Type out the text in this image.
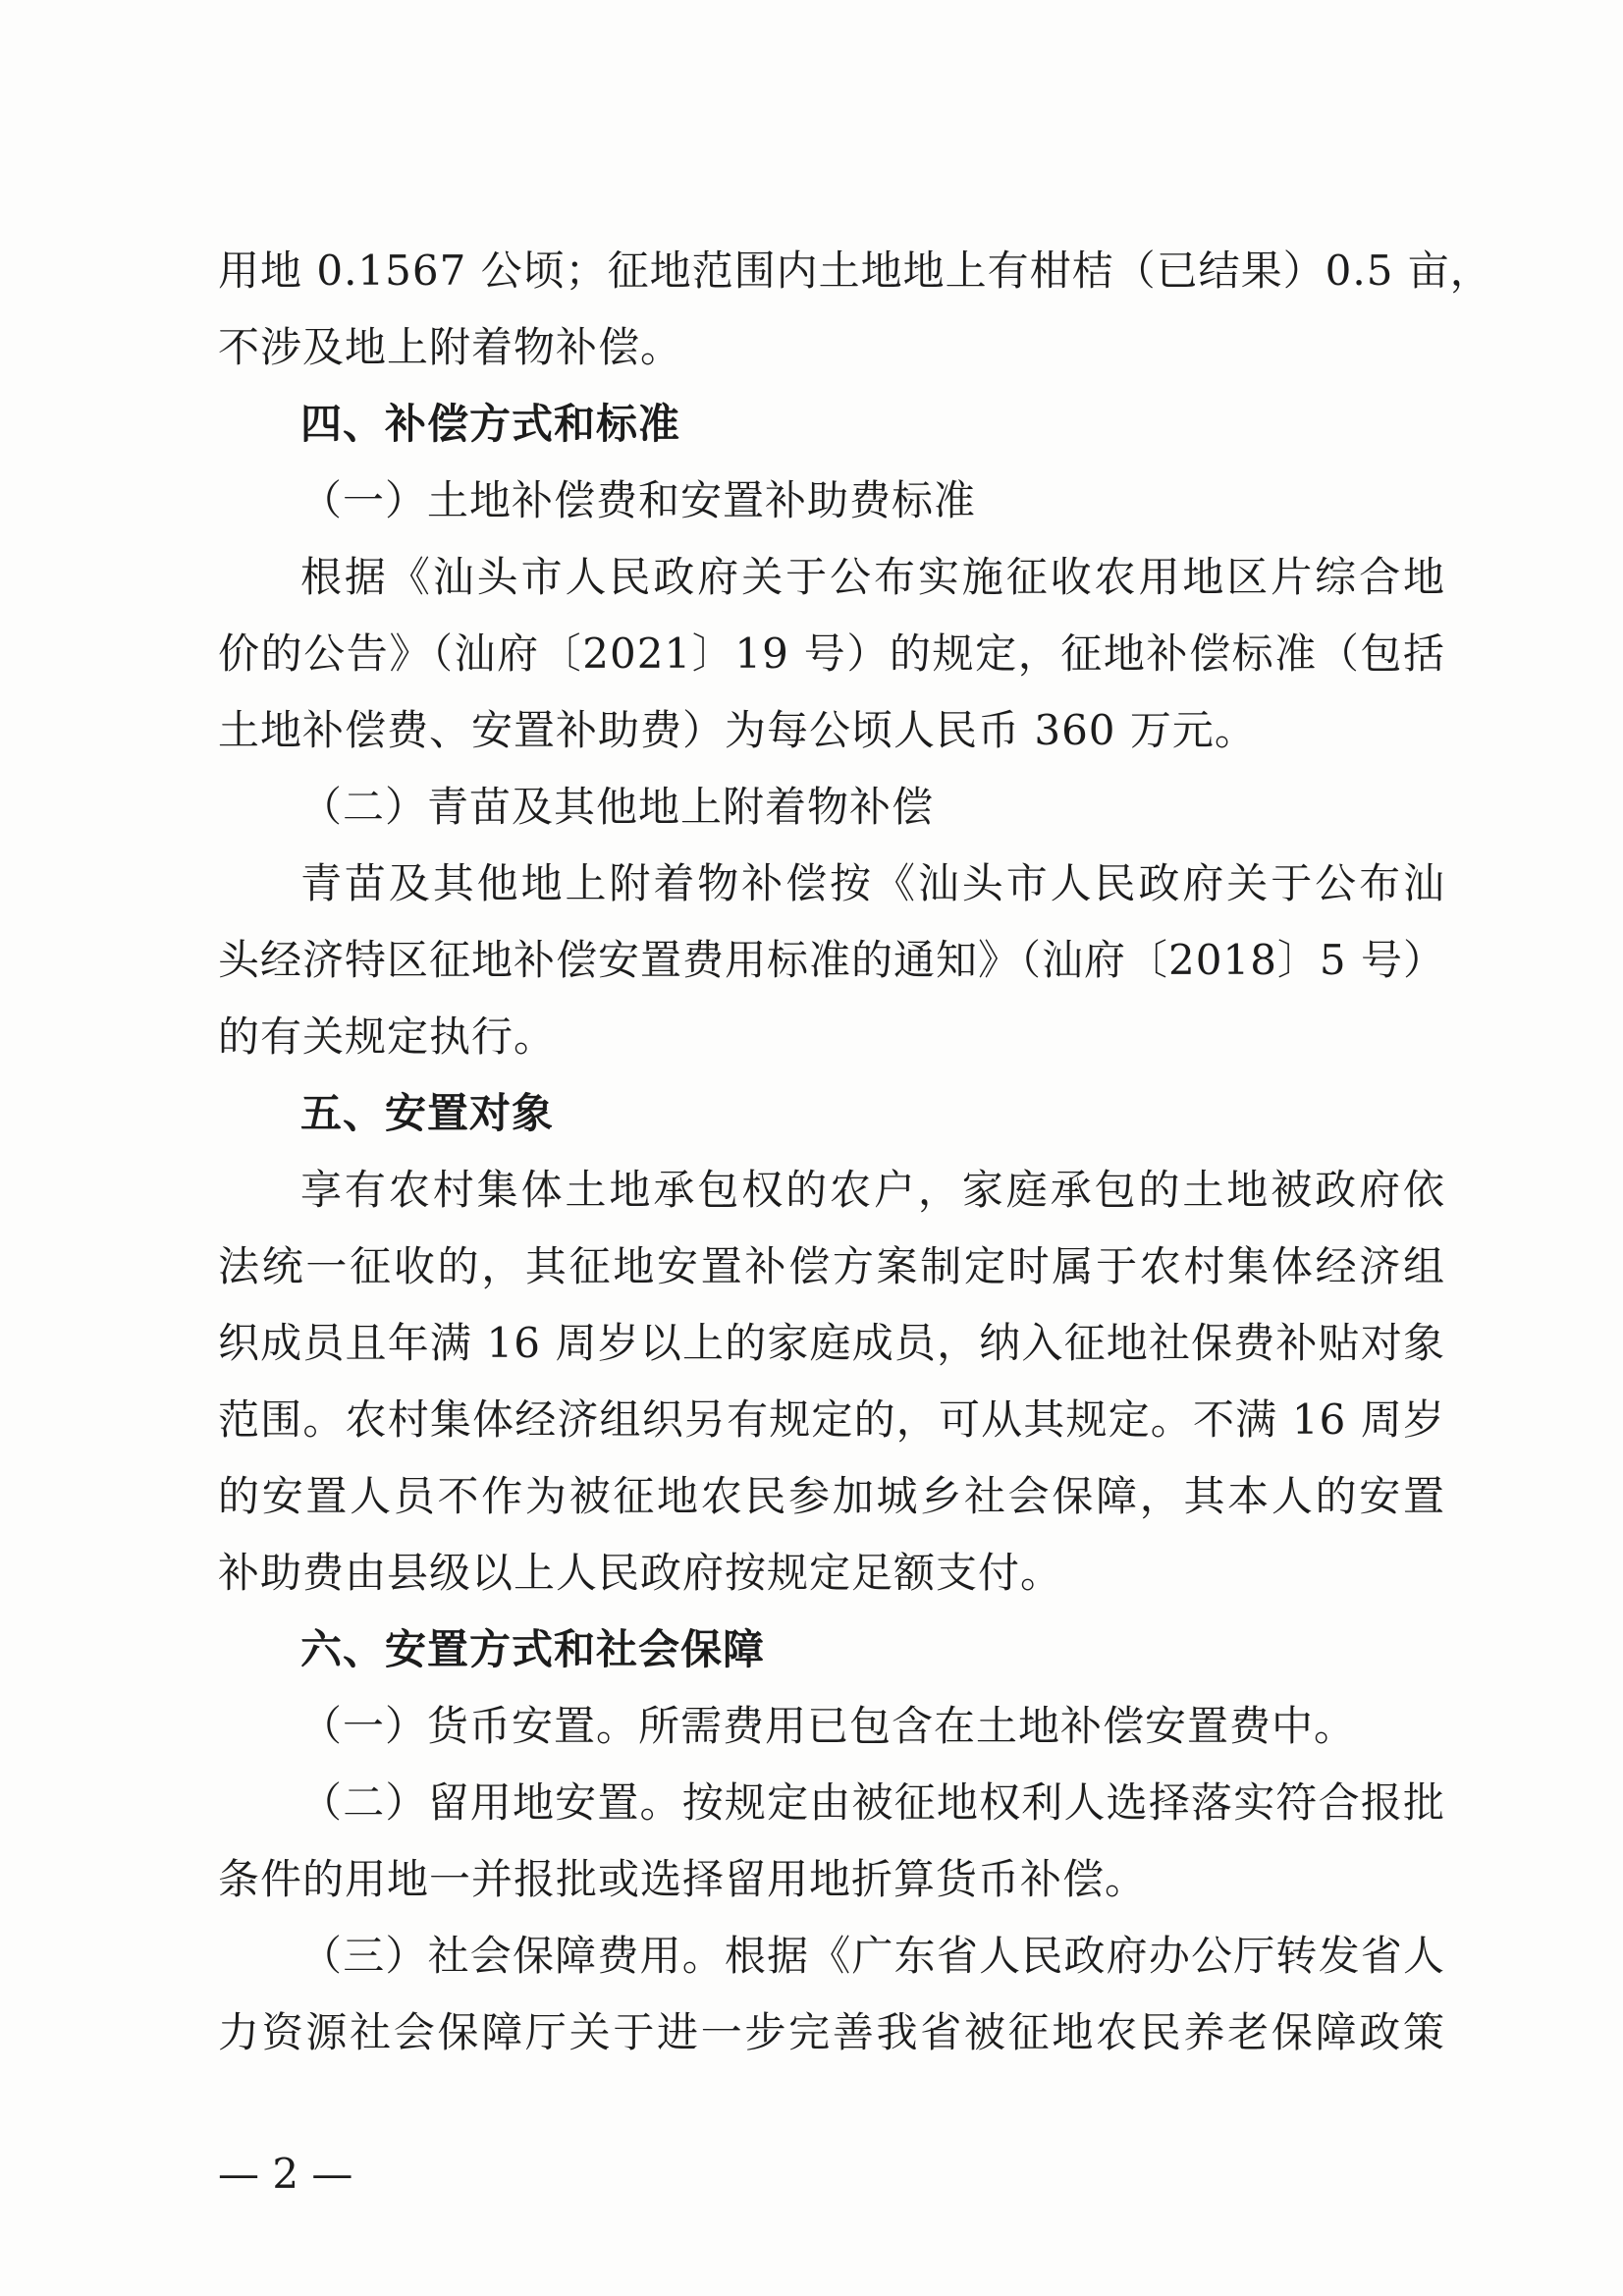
用地 0.1567 公顷；征地范围内土地地上有柑桔（已结果）0.5 亩，
不涉及地上附着物补偿。
四、补偿方式和标准
（一）土地补偿费和安置补助费标准
根据《汕头市人民政府关于公布实施征收农用地区片综合地
价的公告》（汕府〔2021〕19 号）的规定，征地补偿标准（包括
土地补偿费、安置补助费）为每公顷人民币 360 万元。
（二）青苗及其他地上附着物补偿
青苗及其他地上附着物补偿按《汕头市人民政府关于公布汕
头经济特区征地补偿安置费用标准的通知》（汕府〔2018〕5 号）
的有关规定执行。
五、安置对象
享有农村集体土地承包权的农户，家庭承包的土地被政府依
法统一征收的，其征地安置补偿方案制定时属于农村集体经济组
织成员且年满 16 周岁以上的家庭成员，纳入征地社保费补贴对象
范围。农村集体经济组织另有规定的，可从其规定。不满 16 周岁
的安置人员不作为被征地农民参加城乡社会保障，其本人的安置
补助费由县级以上人民政府按规定足额支付。
六、安置方式和社会保障
（一）货币安置。所需费用已包含在土地补偿安置费中。
（二）留用地安置。按规定由被征地权利人选择落实符合报批
条件的用地一并报批或选择留用地折算货币补偿。
（三）社会保障费用。根据《广东省人民政府办公厅转发省人
力资源社会保障厅关于进一步完善我省被征地农民养老保障政策
— 2 —
